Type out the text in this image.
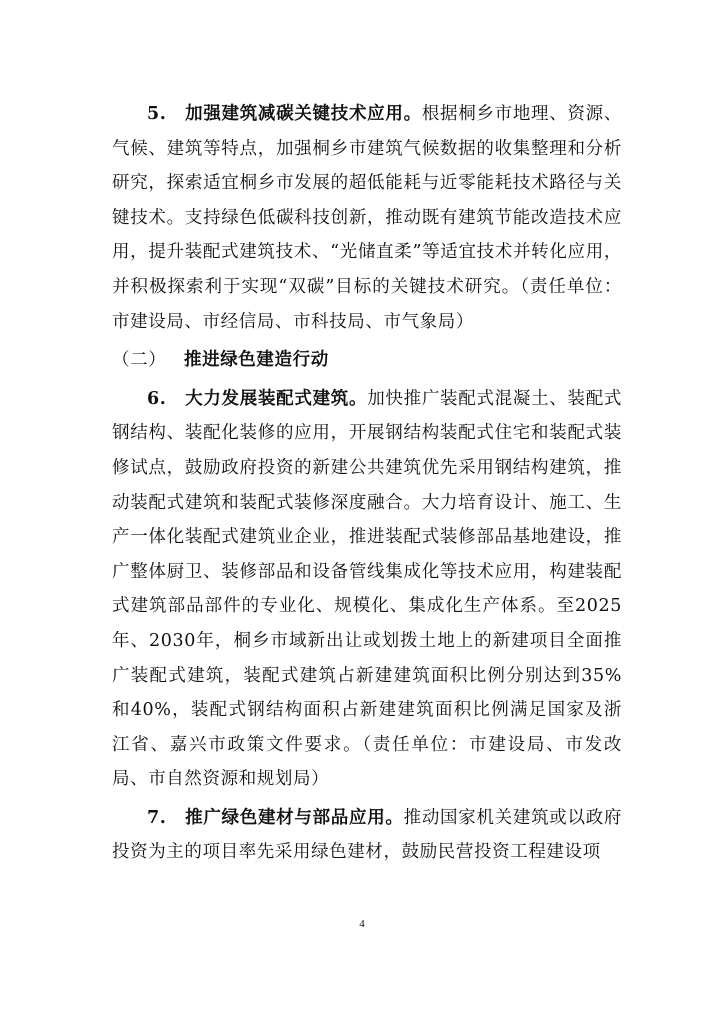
5. 加强建筑减碳关键技术应用。根据桐乡市地理、资源、气候、建筑等特点，加强桐乡市建筑气候数据的收集整理和分析研究，探索适宜桐乡市发展的超低能耗与近零能耗技术路径与关键技术。支持绿色低碳科技创新，推动既有建筑节能改造技术应用，提升装配式建筑技术、“光储直柔”等适宜技术并转化应用，并积极探索利于实现“双碳”目标的关键技术研究。（责任单位：市建设局、市经信局、市科技局、市气象局）

（二） 推进绿色建造行动

6. 大力发展装配式建筑。加快推广装配式混凝土、装配式钢结构、装配化装修的应用，开展钢结构装配式住宅和装配式装修试点，鼓励政府投资的新建公共建筑优先采用钢结构建筑，推动装配式建筑和装配式装修深度融合。大力培育设计、施工、生产一体化装配式建筑业企业，推进装配式装修部品基地建设，推广整体厨卫、装修部品和设备管线集成化等技术应用，构建装配式建筑部品部件的专业化、规模化、集成化生产体系。至2025年、2030年，桐乡市域新出让或划拨土地上的新建项目全面推广装配式建筑，装配式建筑占新建建筑面积比例分别达到35%和40%，装配式钢结构面积占新建建筑面积比例满足国家及浙江省、嘉兴市政策文件要求。（责任单位：市建设局、市发改局、市自然资源和规划局）

7. 推广绿色建材与部品应用。推动国家机关建筑或以政府投资为主的项目率先采用绿色建材，鼓励民营投资工程建设项

4
